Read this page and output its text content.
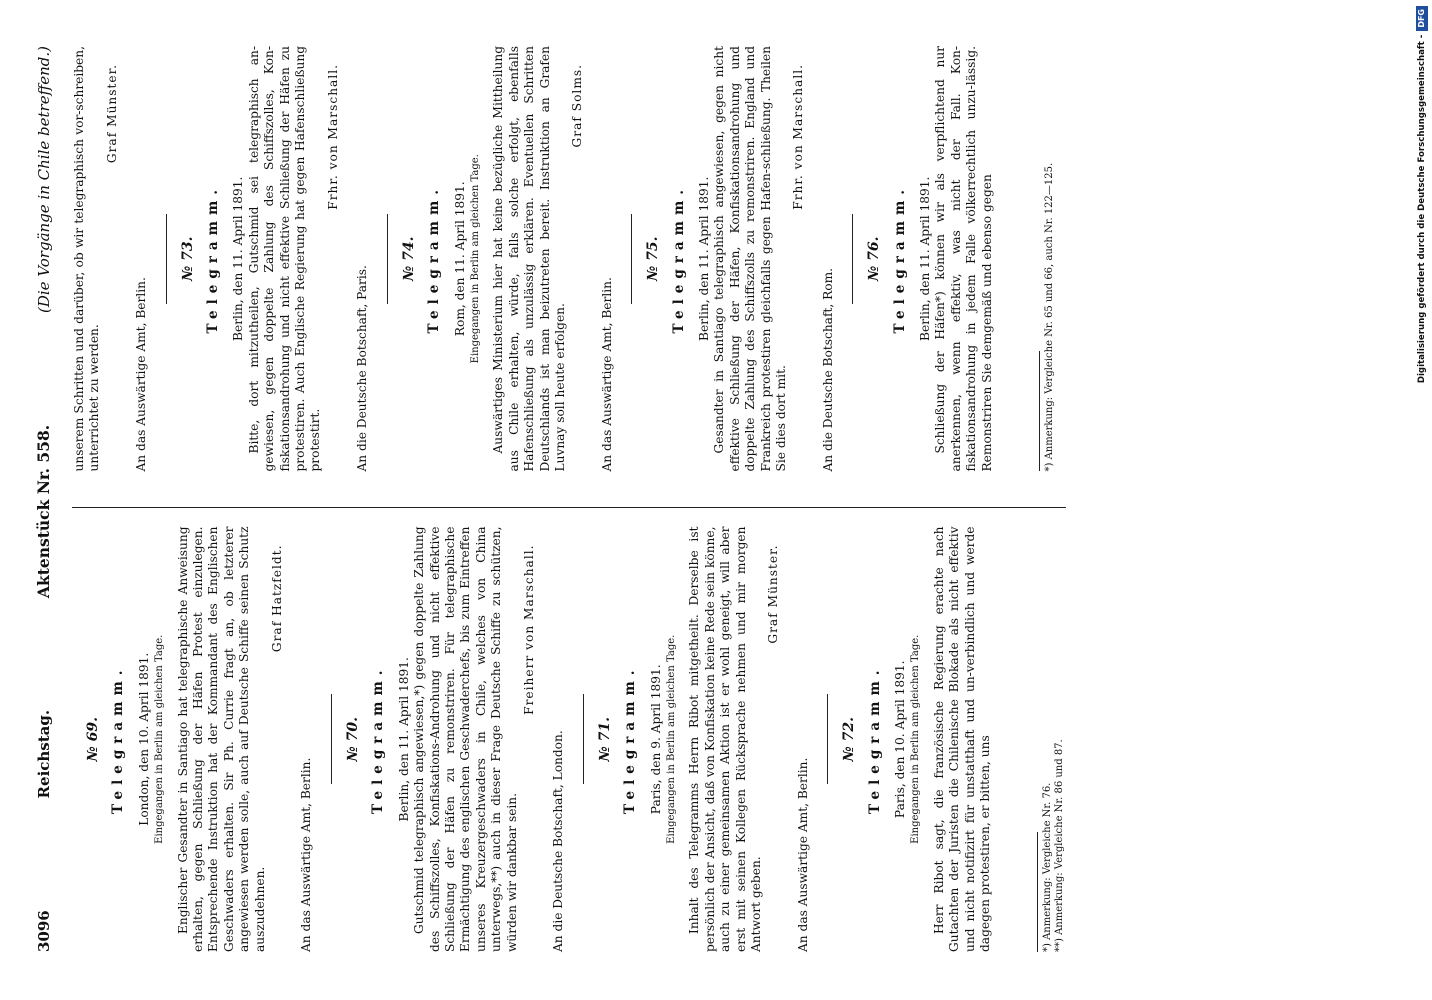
3096
Reichstag.
Aktenstück Nr. 558.
(Die Vorgänge in Chile betreffend.)
№ 69. Telegramm. London, den 10. April 1891. Eingegangen in Berlin am gleichen Tage. Englischer Gesandter in Santiago hat telegraphische Anweisung erhalten, gegen Schließung der Häfen Protest einzulegen. Entsprechende Instruktion hat der Kommandant des Englischen Geschwaders erhalten. Sir Ph. Currie fragt an, ob letzterer angewiesen werden solle, auch auf Deutsche Schiffe seinen Schutz auszudehnen.
Graf Hatzfeldt.
An das Auswärtige Amt, Berlin.
№ 70. Telegramm. Berlin, den 11. April 1891. Gutschmid telegraphisch angewiesen,*) gegen doppelte Zahlung des Schiffszolles, Konfiskations-Androhung und nicht effektive Schließung der Häfen zu remonstriren. Für telegraphische Ermächtigung des englischen Geschwaderchefs, bis zum Eintreffen unseres Kreuzergeschwaders in Chile, welches von China unterwegs,**) auch in dieser Frage Deutsche Schiffe zu schützen, würden wir dankbar sein.
Freiherr von Marschall.
An die Deutsche Botschaft, London. № 71. Telegramm. Paris, den 9. April 1891. Eingegangen in Berlin am gleichen Tage. Inhalt des Telegramms Herrn Ribot mitgetheilt. Derselbe ist persönlich der Ansicht, daß von Konfiskation keine Rede sein könne, auch zu einer gemeinsamen Aktion ist er wohl geneigt, will aber erst mit seinen Kollegen Rücksprache nehmen und mir morgen Antwort geben.
Graf Münster.
An das Auswärtige Amt, Berlin.
№ 72. Telegramm. Paris, den 10. April 1891. Eingegangen in Berlin am gleichen Tage. Herr Ribot sagt, die französische Regierung erachte nach Gutachten der Juristen die Chilenische Blokade als nicht effektiv und nicht notifizirt für unstatthaft und un-verbindlich und werde dagegen protestiren, er bitten, uns	*) Anmerkung: Vergleiche Nr. 76. **) Anmerkung: Vergleiche Nr. 86 und 87.
unserem Schritten und darüber, ob wir telegraphisch vor-schreiben, unterrichtet zu werden.
Graf Münster.
An das Auswärtige Amt, Berlin.
№ 73. Telegramm. Berlin, den 11. April 1891. Bitte, dort mitzutheilen, Gutschmid sei telegraphisch an-gewiesen, gegen doppelte Zahlung des Schiffszolles, Kon-fiskationsandrohung und nicht effektive Schließung der Häfen zu protestiren. Auch Englische Regierung hat gegen Hafenschließung protestirt.
Frhr. von Marschall.
An die Deutsche Botschaft, Paris.
№ 74. Telegramm. Rom, den 11. April 1891. Eingegangen in Berlin am gleichen Tage. Auswärtiges Ministerium hier hat keine bezügliche Mittheilung aus Chile erhalten, würde, falls solche erfolgt, ebenfalls Hafenschließung als unzulässig erklären. Eventuellen Schritten Deutschlands ist man beizutreten bereit. Instruktion an Grafen Luvnay soll heute erfolgen.
Graf Solms.
An das Auswärtige Amt, Berlin.
№ 75. Telegramm. Berlin, den 11. April 1891. Gesandter in Santiago telegraphisch angewiesen, gegen nicht effektive Schließung der Häfen, Konfiskationsandrohung und doppelte Zahlung des Schiffszolls zu remonstriren. England und Frankreich protestiren gleichfalls gegen Hafen-schließung. Theilen Sie dies dort mit.
Frhr. von Marschall.
An die Deutsche Botschaft, Rom.
№ 76. Telegramm. Berlin, den 11. April 1891. Schließung der Häfen*) können wir als verpflichtend nur anerkennen, wenn effektiv, was nicht der Fall. Kon-fiskationsandrohung in jedem Falle völkerrechtlich unzu-lässig. Remonstriren Sie demgemäß und ebenso gegen	*) Anmerkung: Vergleiche Nr. 65 und 66, auch Nr. 122—125.	Digitalisierung gefördert durch die Deutsche Forschungsgemeinschaft -
DFG
